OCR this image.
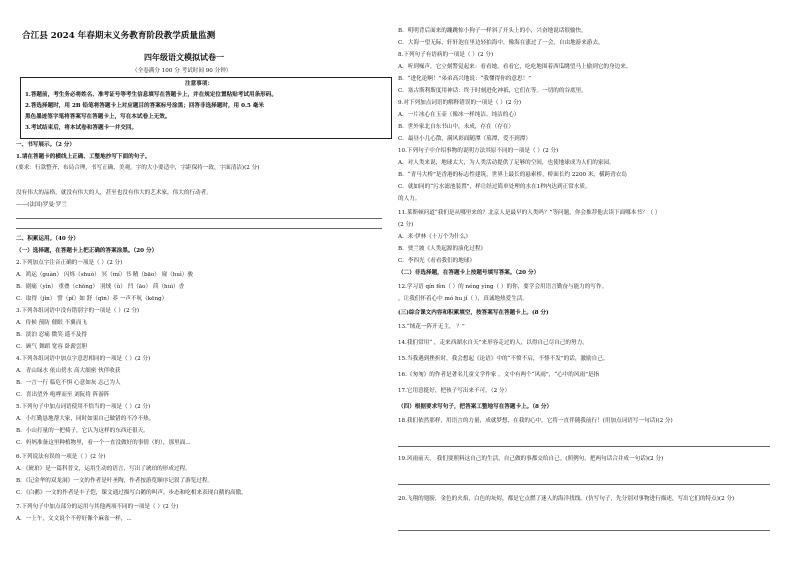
合江县 2024 年春期末义务教育阶段教学质量监测
四年级语文模拟试卷一
（全卷满分 100 分 考试时间 90 分钟）
注意事项：
1.答题前，考生务必将姓名、准考证号等考生信息填写在答题卡上，并在规定位置粘贴考试用条形码。
2.答选择题时，用 2B 铅笔将答题卡上对应题目的答案标号涂黑；回答非选择题时，用 0.5 毫米
黑色墨迹签字笔将答案写在答题卡上，写在本试卷上无效。
3.考试结束后，将本试卷和答题卡一并交回。
一、书写展示。（2 分）
1.请在答题卡的横线上正确、工整地抄写下面的句子。
(要求：行款整齐、布局合理，书写正确、美观。字的大小要适中，字距保持一致，字面清洁)(2 分)
没有伟大的品格，就没有伟大的人，甚至也没有伟大的艺术家，伟大的行动者。
——(法国)罗曼·罗兰
二、积累运用。（40 分）
（一）选择题，在答题卡上把正确的答案涂黑。（20 分）
2.下列加点字注音正确的一项是（ ）(2 分)
A．鸿运（guàn） 闪烁（shuò） 冥（mí）书 精（bāo） 窥（huì）骏
B．剧痛（yǐn） 重叠（chǒng） 羽绒（ǔ） 凹（āo） 茴（huì）香
C．取得（jǐn） 譬（pǐ）如 舒（qīn）养 一声不吭（kēng）
3.下列各组词语中没有错别字的一项是（ ）(2 分)
A．侍候 预防 催眠 不翼而飞
B．淡泊 忍痛 微笑 遥不及得
C．顾气 舞蹈 宽容 卧薪尝胆
4.下列各组词语中加点字意思相同的一项是（ ）(2 分)
A．青山绿水 依山傍水 高大细密 伙伴收获
B．一言一行 临危不惧 心意如灰 志己为人
C．喜出望外 咆哮而至 刘阮将 阵游阵
5.下列句子中加点词语使用不恰当的一项是（ ）(2 分)
A．小红勤恳地帮大家，同时如果自己做错的不冷不热。
B．小山打量的一把椅子，它认为这样的东西还很天。
C．妈妈准备这里种植物里，看一个一直没做好的事情（的），那里面...
6.下列说法有误的一项是（ ）(2 分)
A．《琥珀》是一篇科普文，运用生动的语言，写出了琥珀的形成过程。
B．《记金华的双龙洞》一文的作者是叶圣陶，作者按游览顺序记叙了游览过程。
C．《白鹅》一文的作者是丰子恺，课文通过描写白鹅的叫声、步态和吃相来表现白鹅的高傲。
7.下列句子中加点部分的运用与其他两项不同的一项是（ ）(2 分)
A．一上午，文文说个不停好像个麻雀一样，...
B．明明背后面来的蹦跳惊小狗子一样斜了开头上的小，兴奋地说话很愉快。
C．大海一望无际，轩轩泡在里边轻拍海中，像海在涨过了一会，自由地游来游去。
8.下列句子有语病的一项是（ ）(2 分)
A．听到噪声，它立刻警觉起来：看看她，看看它，吃吃地围着西瓜眺望马上偷到它的身边来。
B．“进化论啊！”弟弟高兴地说：“我懂得你的意思！”
C．塞古斯利斯度用神话：终于时刻进化神祇，它们在等。一切的的谷底里。
9.对下列加点词语的解释错误的一项是（ ）(2 分)
A．一片冰心在玉壶（像冰一样纯洁、纯洁的心）
B．世外家北自东书山中，未成，存在（存在）
C．最昼小几心散，满风彩面随潭（墓潭，爱不到潭）
10.下列句子中介绍事物的说明方法其原不同的一项是（ ）(2 分)
A．对人类来说，地球太大，为人类活动提供了足够的空间，也使地球成为人们的家园。
B．“青马大桥”是香港的标志性建筑，世界上最长的悬索桥，桥面长约 2200 米，横跨青衣岛
C．就如同的“污水滤池装置”，样让经过简单处理的水在1秒内达到正常水质。
的人力。
11.莱斯顿问道“我们是从哪里来的？北京人是最早的人类吗？”等问题，你会推荐他去读下面哪本书？（ ）
(2 分)
A．米·伊林《十万个为什么》
B．贾兰坡《人类起源的演化过程》
C．李四光《看看我们的地球》
（二）非选择题，在答题卡上按题号填写答案。（20 分）
12.学习语 qín fèn（ ）的 néng yìng（ ）的你，要学会用语言勤奋与能力的写作。
，让我们怀着心中 mó hu jǐ（ ），真诚地热爱生活。
(三)综合课文内容和积累填空，按答案写在答题卡上。(8 分)
13.“绒花一阵开无主， ？”
14.我们常用“ ，走来西湖水自天”来形容走过的人，以得自己尽自己的努力。
15.当我遇到挫折时，我会想起《论语》中的“不愤不启，不悱不发”的话，激励自己。
16.《匆匆》的作者是著名儿童文学作家 ，文中有两个“风雨”，“心中的风雨”是指
17.它用意挺好，把孩子写出来不可。（2 分）
（四）根据要求写句子，把答案工整地写在答题卡上。（8 分）
18.我们依然那样，用语言的力量，成就梦想，在我的心中，它将一直伴随我前行！(用加点词语写一句话)(2 分)
19.风雨前天， 我们要照料这自己的生活，自己做的事都交给自己。(照例句，把两句话合并成一句话)(2 分)
20.飞翔的翅膀，金色的火焰，白色的灰烬，都是它点燃了迷人的海洋找线。(仿写句子，先分别对事物进行描述，写出它们的特点)(2 分)
